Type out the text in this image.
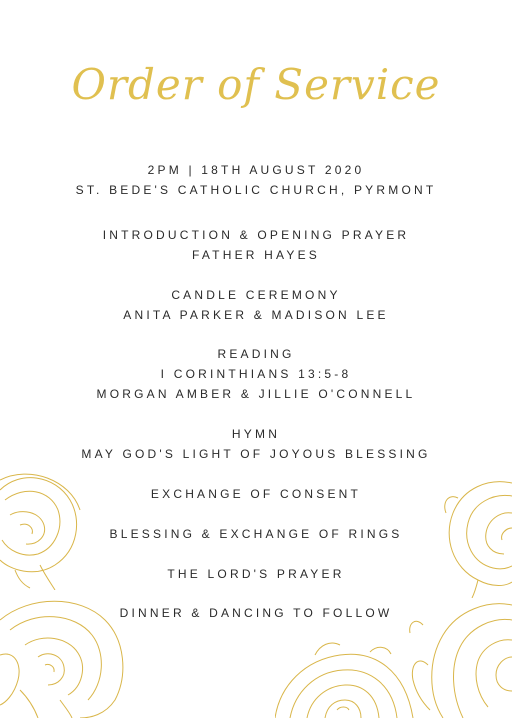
Order of Service
2PM | 18TH AUGUST 2020
ST. BEDE'S CATHOLIC CHURCH, PYRMONT
INTRODUCTION & OPENING PRAYER
FATHER HAYES
CANDLE CEREMONY
ANITA PARKER & MADISON LEE
READING
I CORINTHIANS 13:5-8
MORGAN AMBER & JILLIE O'CONNELL
HYMN
MAY GOD'S LIGHT OF JOYOUS BLESSING
EXCHANGE OF CONSENT
BLESSING & EXCHANGE OF RINGS
THE LORD'S PRAYER
DINNER & DANCING TO FOLLOW
